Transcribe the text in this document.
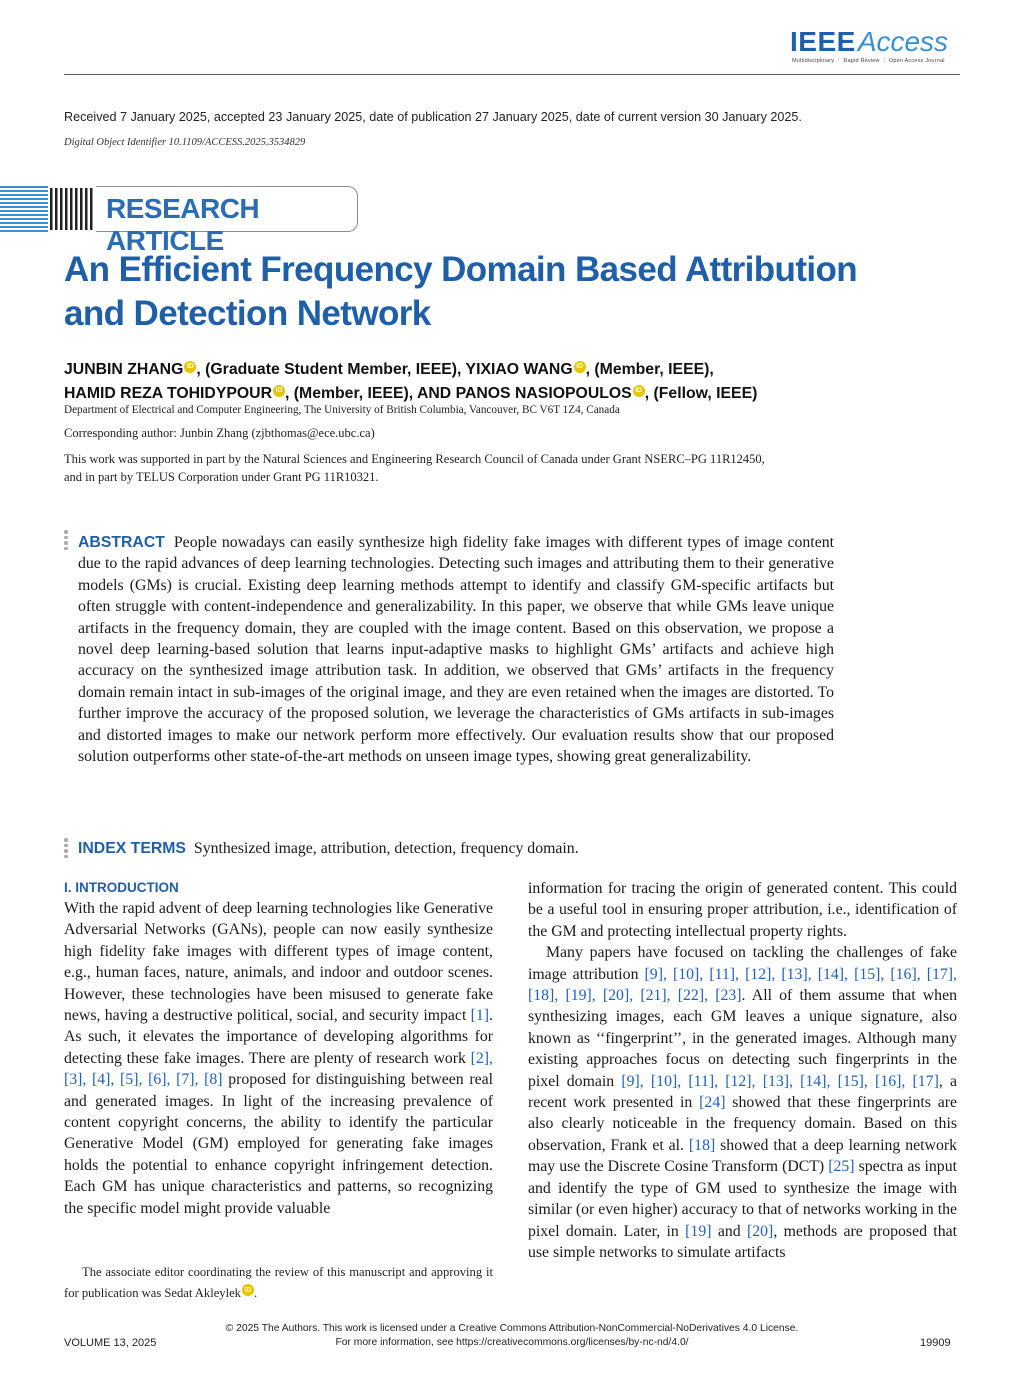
IEEE Access
Multidisciplinary ⋮ Rapid Review ⋮ Open Access Journal
Received 7 January 2025, accepted 23 January 2025, date of publication 27 January 2025, date of current version 30 January 2025.
Digital Object Identifier 10.1109/ACCESS.2025.3534829
RESEARCH ARTICLE
An Efficient Frequency Domain Based Attribution and Detection Network
JUNBIN ZHANG iD , (Graduate Student Member, IEEE), YIXIAO WANG iD , (Member, IEEE),
HAMID REZA TOHIDYPOUR iD , (Member, IEEE), AND PANOS NASIOPOULOS iD , (Fellow, IEEE)
Department of Electrical and Computer Engineering, The University of British Columbia, Vancouver, BC V6T 1Z4, Canada
Corresponding author: Junbin Zhang (zjbthomas@ece.ubc.ca)
This work was supported in part by the Natural Sciences and Engineering Research Council of Canada under Grant NSERC–PG 11R12450, and in part by TELUS Corporation under Grant PG 11R10321.
ABSTRACT People nowadays can easily synthesize high fidelity fake images with different types of image content due to the rapid advances of deep learning technologies. Detecting such images and attributing them to their generative models (GMs) is crucial. Existing deep learning methods attempt to identify and classify GM-specific artifacts but often struggle with content-independence and generalizability. In this paper, we observe that while GMs leave unique artifacts in the frequency domain, they are coupled with the image content. Based on this observation, we propose a novel deep learning-based solution that learns input-adaptive masks to highlight GMs’ artifacts and achieve high accuracy on the synthesized image attribution task. In addition, we observed that GMs’ artifacts in the frequency domain remain intact in sub-images of the original image, and they are even retained when the images are distorted. To further improve the accuracy of the proposed solution, we leverage the characteristics of GMs artifacts in sub-images and distorted images to make our network perform more effectively. Our evaluation results show that our proposed solution outperforms other state-of-the-art methods on unseen image types, showing great generalizability.
INDEX TERMS Synthesized image, attribution, detection, frequency domain.
I. INTRODUCTION

With the rapid advent of deep learning technologies like Generative Adversarial Networks (GANs), people can now easily synthesize high fidelity fake images with different types of image content, e.g., human faces, nature, animals, and indoor and outdoor scenes. However, these technologies have been misused to generate fake news, having a destructive political, social, and security impact [1]. As such, it elevates the importance of developing algorithms for detecting these fake images. There are plenty of research work [2], [3], [4], [5], [6], [7], [8] proposed for distinguishing between real and generated images. In light of the increasing prevalence of content copyright concerns, the ability to identify the particular Generative Model (GM) employed for generating fake images holds the potential to enhance copyright infringement detection. Each GM has unique characteristics and patterns, so recognizing the specific model might provide valuable

information for tracing the origin of generated content. This could be a useful tool in ensuring proper attribution, i.e., identification of the GM and protecting intellectual property rights.

Many papers have focused on tackling the challenges of fake image attribution [9], [10], [11], [12], [13], [14], [15], [16], [17], [18], [19], [20], [21], [22], [23]. All of them assume that when synthesizing images, each GM leaves a unique signature, also known as ‘‘fingerprint’’, in the generated images. Although many existing approaches focus on detecting such fingerprints in the pixel domain [9], [10], [11], [12], [13], [14], [15], [16], [17], a recent work presented in [24] showed that these fingerprints are also clearly noticeable in the frequency domain. Based on this observation, Frank et al. [18] showed that a deep learning network may use the Discrete Cosine Transform (DCT) [25] spectra as input and identify the type of GM used to synthesize the image with similar (or even higher) accuracy to that of networks working in the pixel domain. Later, in [19] and [20], methods are proposed that use simple networks to simulate artifacts

The associate editor coordinating the review of this manuscript and approving it for publication was Sedat Akleylek iD .
© 2025 The Authors. This work is licensed under a Creative Commons Attribution-NonCommercial-NoDerivatives 4.0 License.
For more information, see https://creativecommons.org/licenses/by-nc-nd/4.0/
VOLUME 13, 2025	19909
